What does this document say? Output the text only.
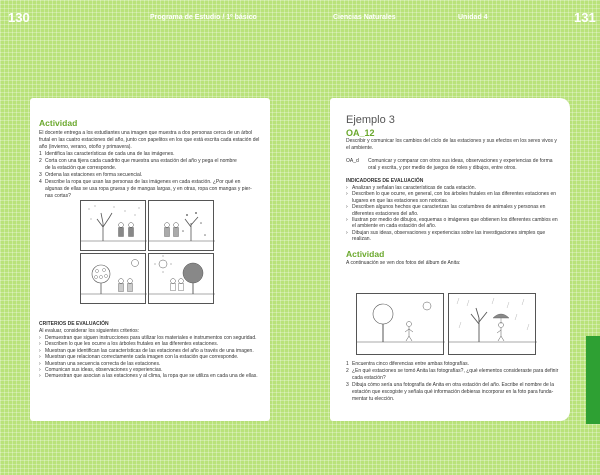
130	Programa de Estudio / 1º básico	Ciencias Naturales	Unidad 4	131
Actividad

El docente entrega a los estudiantes una imagen que muestra a dos personas cerca de un árbol frutal en las cuatro estaciones del año, junto con papelitos en los que está escrita cada estación del año (invierno, verano, otoño y primavera).

1 Identifica las características de cada una de las imágenes.
2 Corta con una tijera cada cuadrito que muestra una estación del año y pega el nombre
de la estación que corresponde.
3 Ordena las estaciones en forma secuencial.
4 Describe la ropa que usan las personas de las imágenes en cada estación. ¿Por qué en
algunas de ellas se usa ropa gruesa y de mangas largas, y en otras, ropa con mangas y pier-
nas cortas?
CRITERIOS DE EVALUACIÓN
Al evaluar, considerar los siguientes criterios:
› Demuestran que siguen instrucciones para utilizar los materiales e instrumentos con seguridad.
› Describen lo que les ocurre a los árboles frutales en las diferentes estaciones.
› Muestran que identifican las características de las estaciones del año a través de una imagen.
› Muestran que relacionan correctamente cada imagen con la estación que corresponde.
› Muestran una secuencia correcta de las estaciones.
› Comunican sus ideas, observaciones y experiencias.
› Demuestran que asocian a las estaciones y al clima, la ropa que se utiliza en cada una de ellas.
Ejemplo 3
OA_12

Describir y comunicar los cambios del ciclo de las estaciones y sus efectos en los seres vivos y el ambiente.

OA_d Comunicar y comparar con otros sus ideas, observaciones y experiencias de forma oral y escrita, y por medio de juegos de roles y dibujos, entre otros.
INDICADORES DE EVALUACIÓN
› Analizan y señalan las características de cada estación.
› Describen lo que ocurre, en general, con los árboles frutales en las diferentes estaciones en lugares en que las estaciones son notorias.
› Describen algunos hechos que caracterizan las costumbres de animales y personas en diferentes estaciones del año.
› Ilustran por medio de dibujos, esquemas o imágenes que obtienen los diferentes cambios en el ambiente en cada estación del año.
› Dibujan sus ideas, observaciones y experiencias sobre las investigaciones simples que realizan.
Actividad
A continuación se ven dos fotos del álbum de Anita:
1 Encuentra cinco diferencias entre ambas fotografías.
2 ¿En qué estaciones se tomó Anita las fotografías?, ¿qué elementos consideraste para definir cada estación?
3 Dibuja cómo sería una fotografía de Anita en otra estación del año. Escribe el nombre de la estación que escogiste y señala qué información debieras incorporar en la foto para funda- mentar tu elección.
